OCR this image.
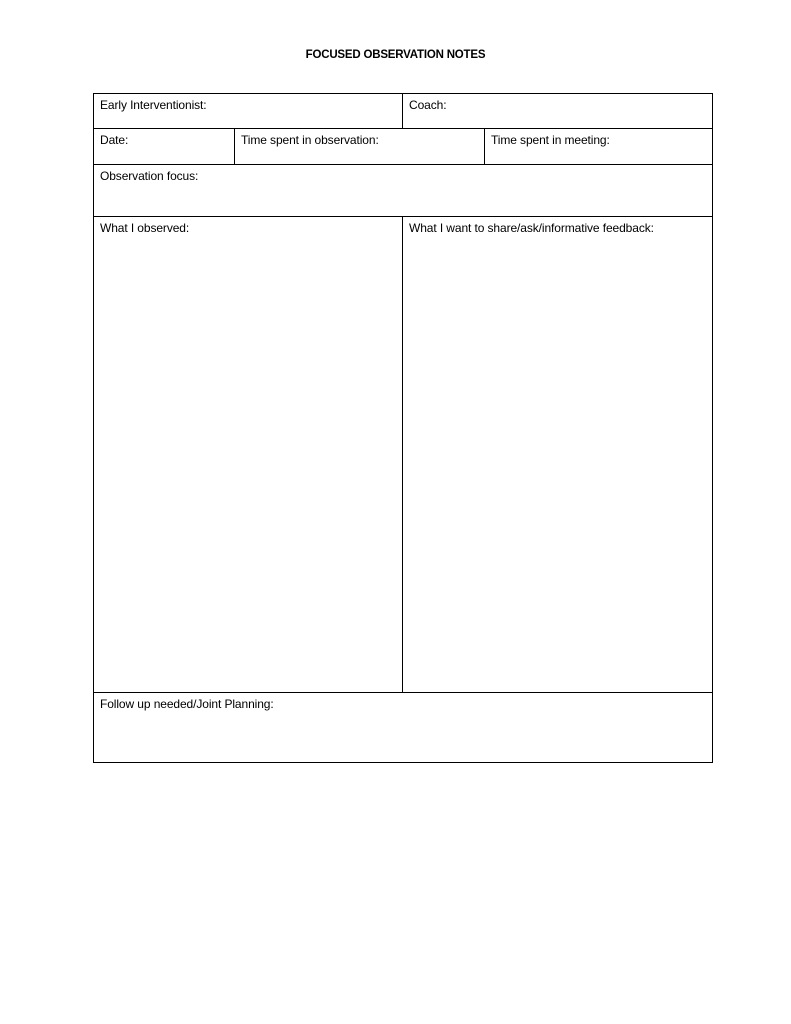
FOCUSED OBSERVATION NOTES
Early Interventionist:	Coach:
Date:	Time spent in observation:	Time spent in meeting:
Observation focus:
What I observed:	What I want to share/ask/informative feedback:
Follow up needed/Joint Planning:
